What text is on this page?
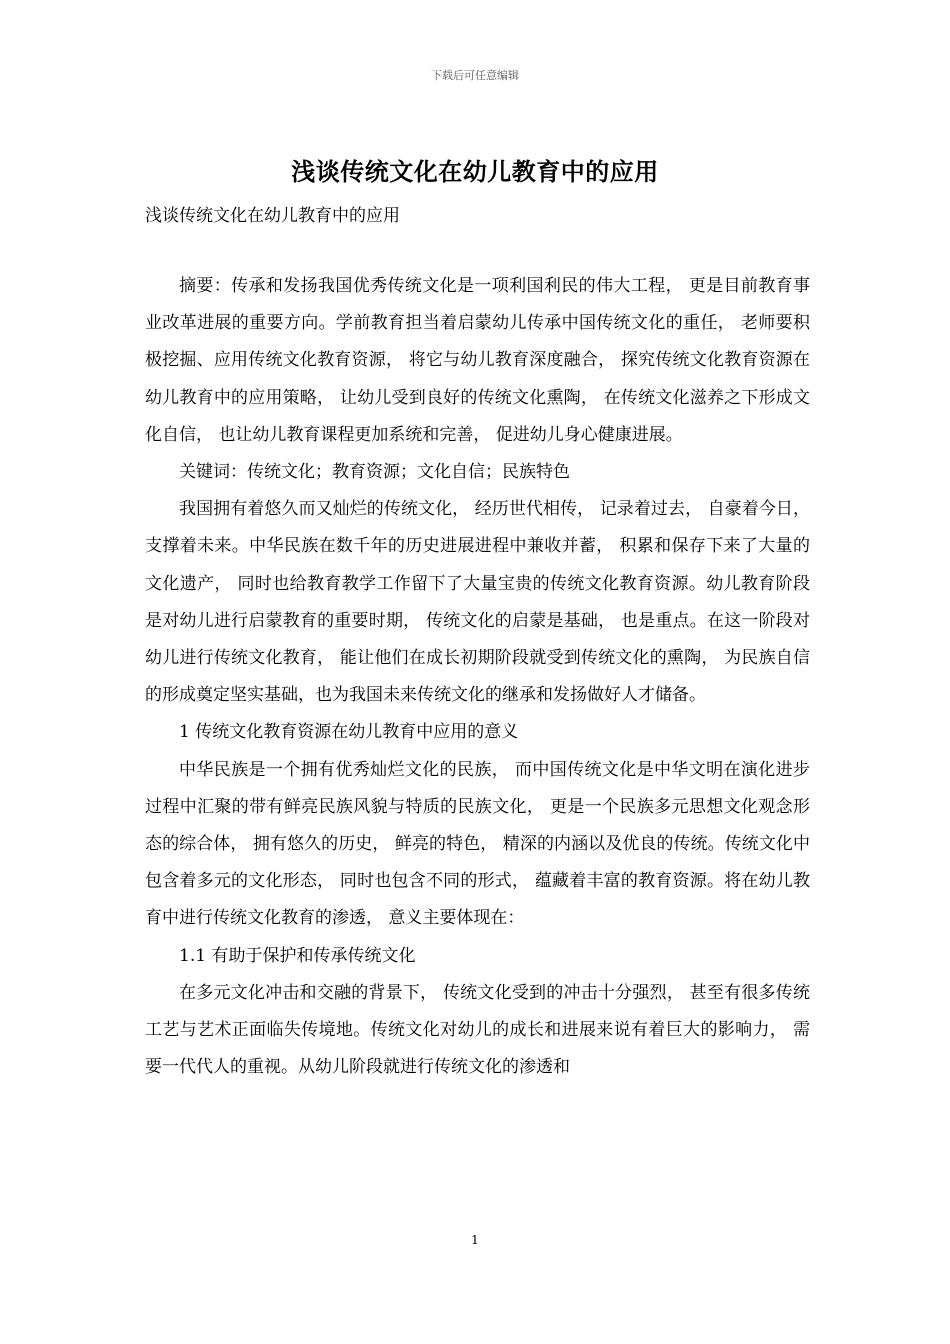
下载后可任意编辑
浅谈传统文化在幼儿教育中的应用
浅谈传统文化在幼儿教育中的应用

摘要：传承和发扬我国优秀传统文化是一项利国利民的伟大工程， 更是目前教育事业改革进展的重要方向。学前教育担当着启蒙幼儿传承中国传统文化的重任， 老师要积极挖掘、应用传统文化教育资源， 将它与幼儿教育深度融合， 探究传统文化教育资源在幼儿教育中的应用策略， 让幼儿受到良好的传统文化熏陶， 在传统文化滋养之下形成文化自信， 也让幼儿教育课程更加系统和完善， 促进幼儿身心健康进展。

关键词：传统文化；教育资源；文化自信；民族特色

我国拥有着悠久而又灿烂的传统文化， 经历世代相传， 记录着过去， 自豪着今日， 支撑着未来。中华民族在数千年的历史进展进程中兼收并蓄， 积累和保存下来了大量的文化遗产， 同时也给教育教学工作留下了大量宝贵的传统文化教育资源。幼儿教育阶段是对幼儿进行启蒙教育的重要时期， 传统文化的启蒙是基础， 也是重点。在这一阶段对幼儿进行传统文化教育， 能让他们在成长初期阶段就受到传统文化的熏陶， 为民族自信的形成奠定坚实基础，也为我国未来传统文化的继承和发扬做好人才储备。

1 传统文化教育资源在幼儿教育中应用的意义

中华民族是一个拥有优秀灿烂文化的民族， 而中国传统文化是中华文明在演化进步过程中汇聚的带有鲜亮民族风貌与特质的民族文化， 更是一个民族多元思想文化观念形态的综合体， 拥有悠久的历史， 鲜亮的特色， 精深的内涵以及优良的传统。传统文化中包含着多元的文化形态， 同时也包含不同的形式， 蕴藏着丰富的教育资源。将在幼儿教育中进行传统文化教育的渗透， 意义主要体现在：

1.1 有助于保护和传承传统文化

在多元文化冲击和交融的背景下， 传统文化受到的冲击十分强烈， 甚至有很多传统工艺与艺术正面临失传境地。传统文化对幼儿的成长和进展来说有着巨大的影响力， 需要一代代人的重视。从幼儿阶段就进行传统文化的渗透和

1
